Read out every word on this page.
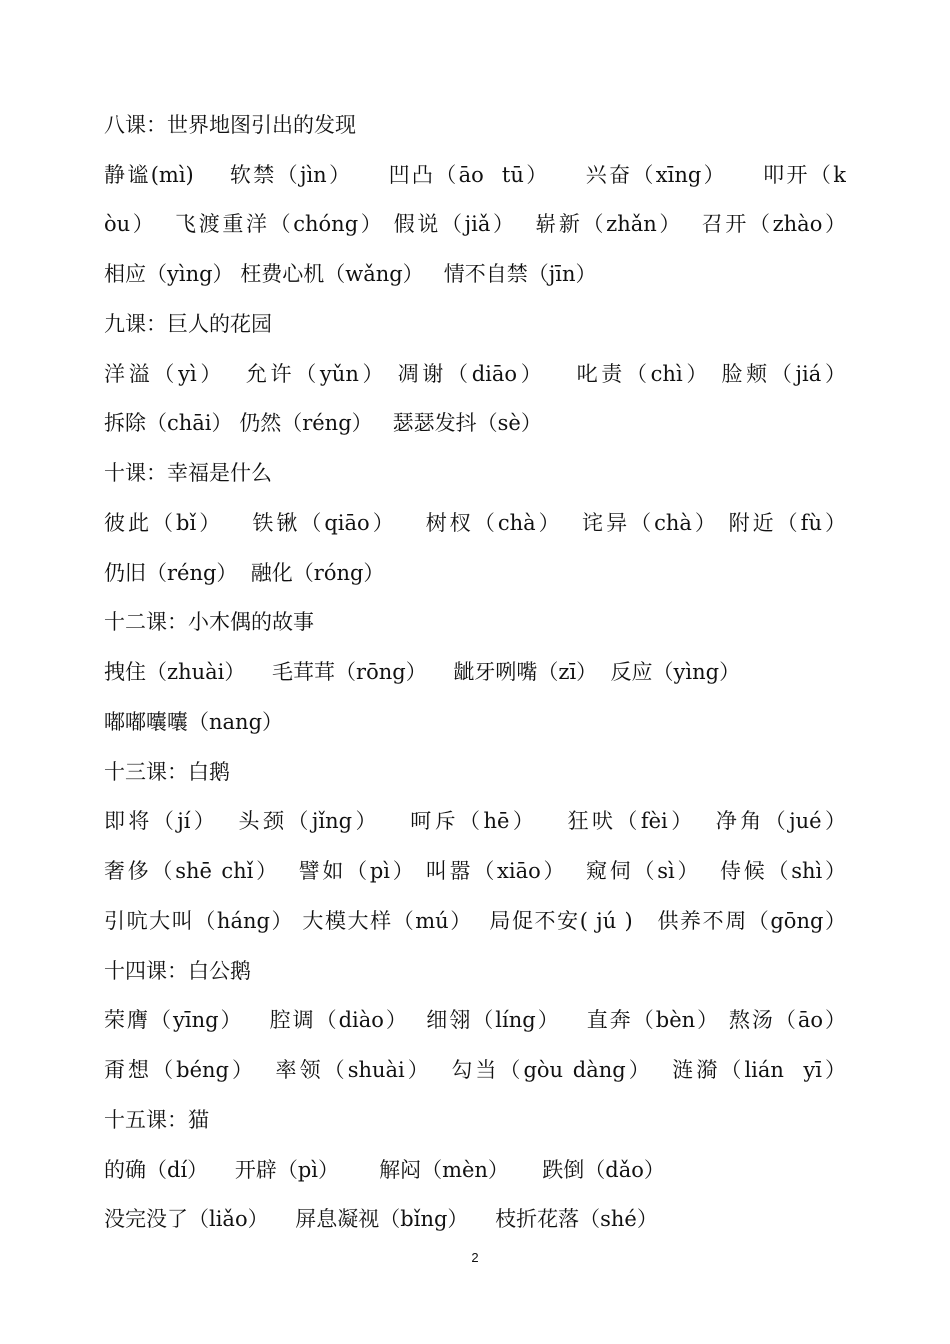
八课：世界地图引出的发现
静谧(mì)    软禁（jìn）    凹凸（āo  tū）    兴奋（xīng）    叩开（k
òu）  飞渡重洋（chóng） 假说（jiǎ）  崭新（zhǎn）  召开（zhào）
相应（yìng） 枉费心机（wǎng）   情不自禁（jīn）
九课：巨人的花园
洋溢（yì）  允许（yǔn） 凋谢（diāo）   叱责（chì） 脸颊（jiá）
拆除（chāi） 仍然（réng）   瑟瑟发抖（sè）
十课：幸福是什么
彼此（bǐ）   铁锹（qiāo）   树杈（chà）  诧异（chà） 附近（fù）
仍旧（réng）  融化（róng）
十二课：小木偶的故事
拽住（zhuài）    毛茸茸（rōng）    龇牙咧嘴（zī）  反应（yìng）
嘟嘟囔囔（nang）
十三课：白鹅
即将（jí）  头颈（jǐng）   呵斥（hē）   狂吠（fèi）  净角（jué）
奢侈（shē chǐ）  譬如（pì） 叫嚣（xiāo）  窥伺（sì）  侍候（shì）
引吭大叫（háng） 大模大样（mú）  局促不安( jú )   供养不周（gōng）
十四课：白公鹅
荣膺（yīng）   腔调（diào）  细翎（líng）   直奔（bèn） 熬汤（āo）
甭想（béng）  率领（shuài）  勾当（gòu dàng）  涟漪（lián  yī）
十五课：猫
的确（dí）    开辟（pì）      解闷（mèn）     跌倒（dǎo）
没完没了（liǎo）    屏息凝视（bǐng）    枝折花落（shé）
2
